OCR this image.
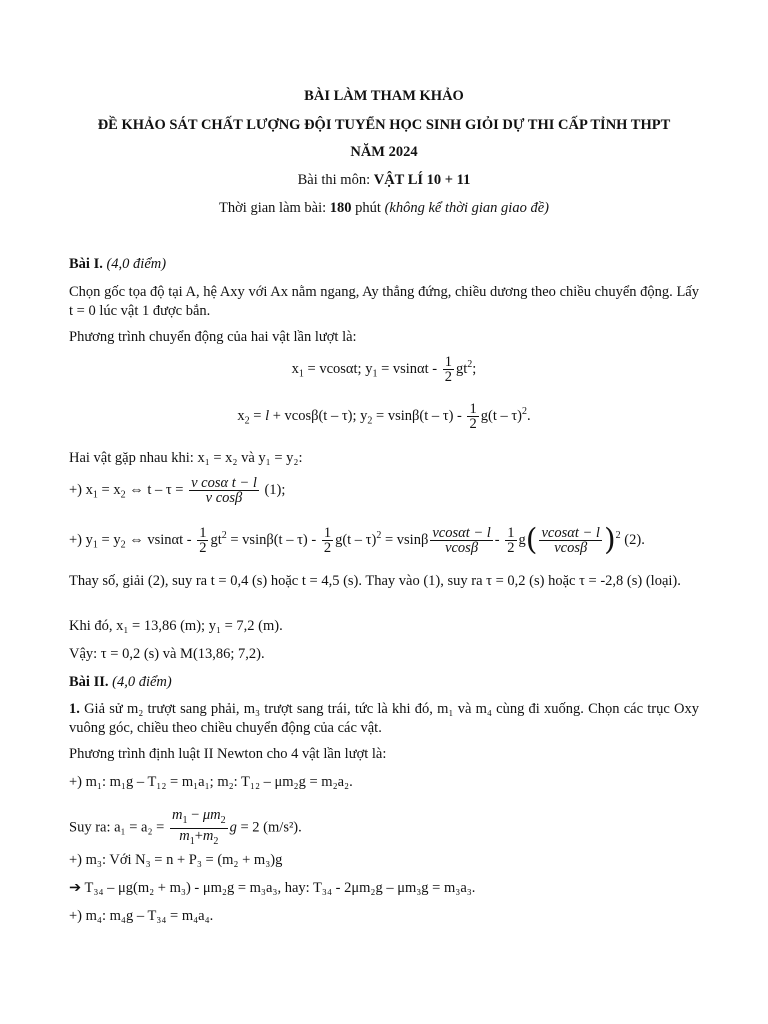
BÀI LÀM THAM KHẢO
ĐỀ KHẢO SÁT CHẤT LƯỢNG ĐỘI TUYỂN HỌC SINH GIỎI DỰ THI CẤP TỈNH THPT
NĂM 2024
Bài thi môn: VẬT LÍ 10 + 11
Thời gian làm bài: 180 phút (không kể thời gian giao đề)
Bài I. (4,0 điểm)
Chọn gốc tọa độ tại A, hệ Axy với Ax nằm ngang, Ay thẳng đứng, chiều dương theo chiều chuyển động. Lấy t = 0 lúc vật 1 được bắn.
Phương trình chuyển động của hai vật lần lượt là:
$x_1 = vcos\alpha t$; $y_1 = vsin\alpha t - \frac{1}{2} gt^2$;
$x_2 = l + vcos\beta(t - \tau)$; $y_2 = vsin\beta(t - \tau) - \frac{1}{2} g(t - \tau)^2$.
Hai vật gặp nhau khi: x₁ = x₂ và y₁ = y₂:
+) $x_1 = x_2$ ⇔ $t - \tau = \frac{\text{v cosα t − l}}{\text{v cosβ}} (1)$;
+) $y_1 = y_2$ ⇔ $vsin\alpha t - \frac{1}{2} gt^2 = vsin\beta(t - \tau) - \frac{1}{2} g(t - \tau)^2 = vsin\beta \frac{vcos\alpha t - l}{vcos\beta} - \frac{1}{2} g( \frac{vcos\alpha t - l}{vcos\beta} )^2$ (2).
Thay số, giải (2), suy ra t = 0,4 (s) hoặc t = 4,5 (s). Thay vào (1), suy ra τ = 0,2 (s) hoặc τ = -2,8 (s) (loại).
Khi đó, x₁ = 13,86 (m); y₁ = 7,2 (m).
Vậy: τ = 0,2 (s) và M(13,86; 7,2).
Bài II. (4,0 điểm)
1. Giả sử m₂ trượt sang phải, m₃ trượt sang trái, tức là khi đó, m₁ và m₄ cùng đi xuống. Chọn các trục Oxy vuông góc, chiều theo chiều chuyển động của các vật.
Phương trình định luật II Newton cho 4 vật lần lượt là:
+) m₁: m₁g – T₁₂ = m₁a₁; m₂: T₁₂ – μm₂g = m₂a₂.
Suy ra: $a_1 = a_2 = \frac{m_1 - \mu m_2}{m_1+m_2}$ g = 2 (m/s²).
+) m₃: Với N₃ = n + P₃ = (m₂ + m₃)g
➔ T₃₄ – μg(m₂ + m₃) - μm₂g = m₃a₃, hay: T₃₄ - 2μm₂g – μm₃g = m₃a₃.
+) m₄: m₄g – T₃₄ = m₄a₄.
